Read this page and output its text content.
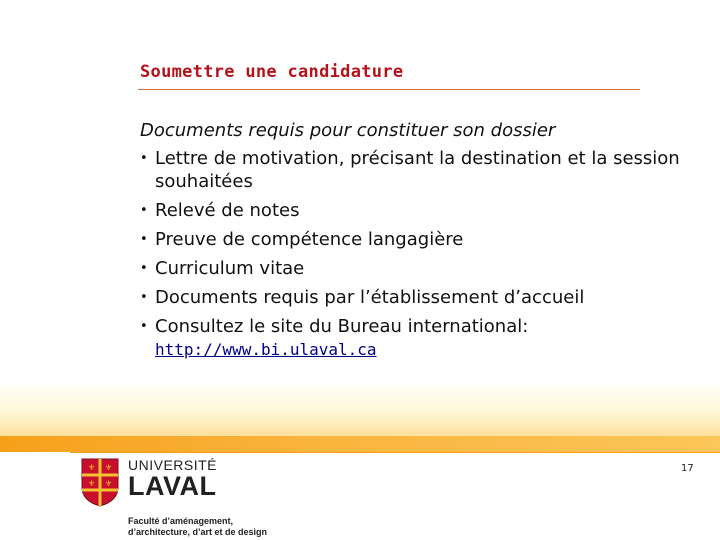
Soumettre une candidature
Documents requis pour constituer son dossier
• Lettre de motivation, précisant la destination et la session souhaitées
• Relevé de notes
• Preuve de compétence langagière
• Curriculum vitae
• Documents requis par l’établissement d’accueil
• Consultez le site du Bureau international:
http://www.bi.ulaval.ca
⚜ ⚜
⚜ ⚜
UNIVERSITÉ
LAVAL
Faculté d’aménagement,
d’architecture, d’art et de design
17
